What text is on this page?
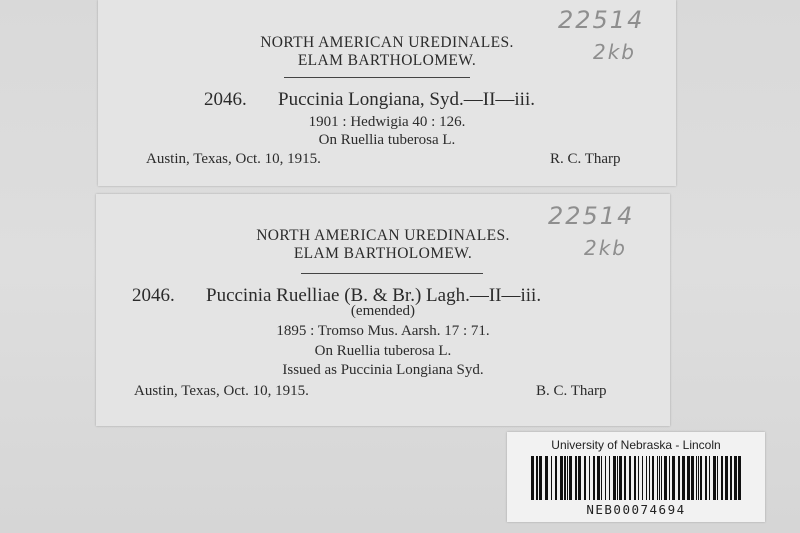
22514
2kb
NORTH AMERICAN UREDINALES.
ELAM BARTHOLOMEW.
2046. Puccinia Longiana, Syd.—II—iii.
1901 : Hedwigia 40 : 126.
On Ruellia tuberosa L.
Austin, Texas, Oct. 10, 1915.	R. C. Tharp
22514
2kb
NORTH AMERICAN UREDINALES.
ELAM BARTHOLOMEW.
2046. Puccinia Ruelliae (B. & Br.) Lagh.—II—iii.
(emended)
1895 : Tromso Mus. Aarsh. 17 : 71.
On Ruellia tuberosa L.
Issued as Puccinia Longiana Syd.
Austin, Texas, Oct. 10, 1915.	B. C. Tharp
University of Nebraska - Lincoln
NEB00074694
